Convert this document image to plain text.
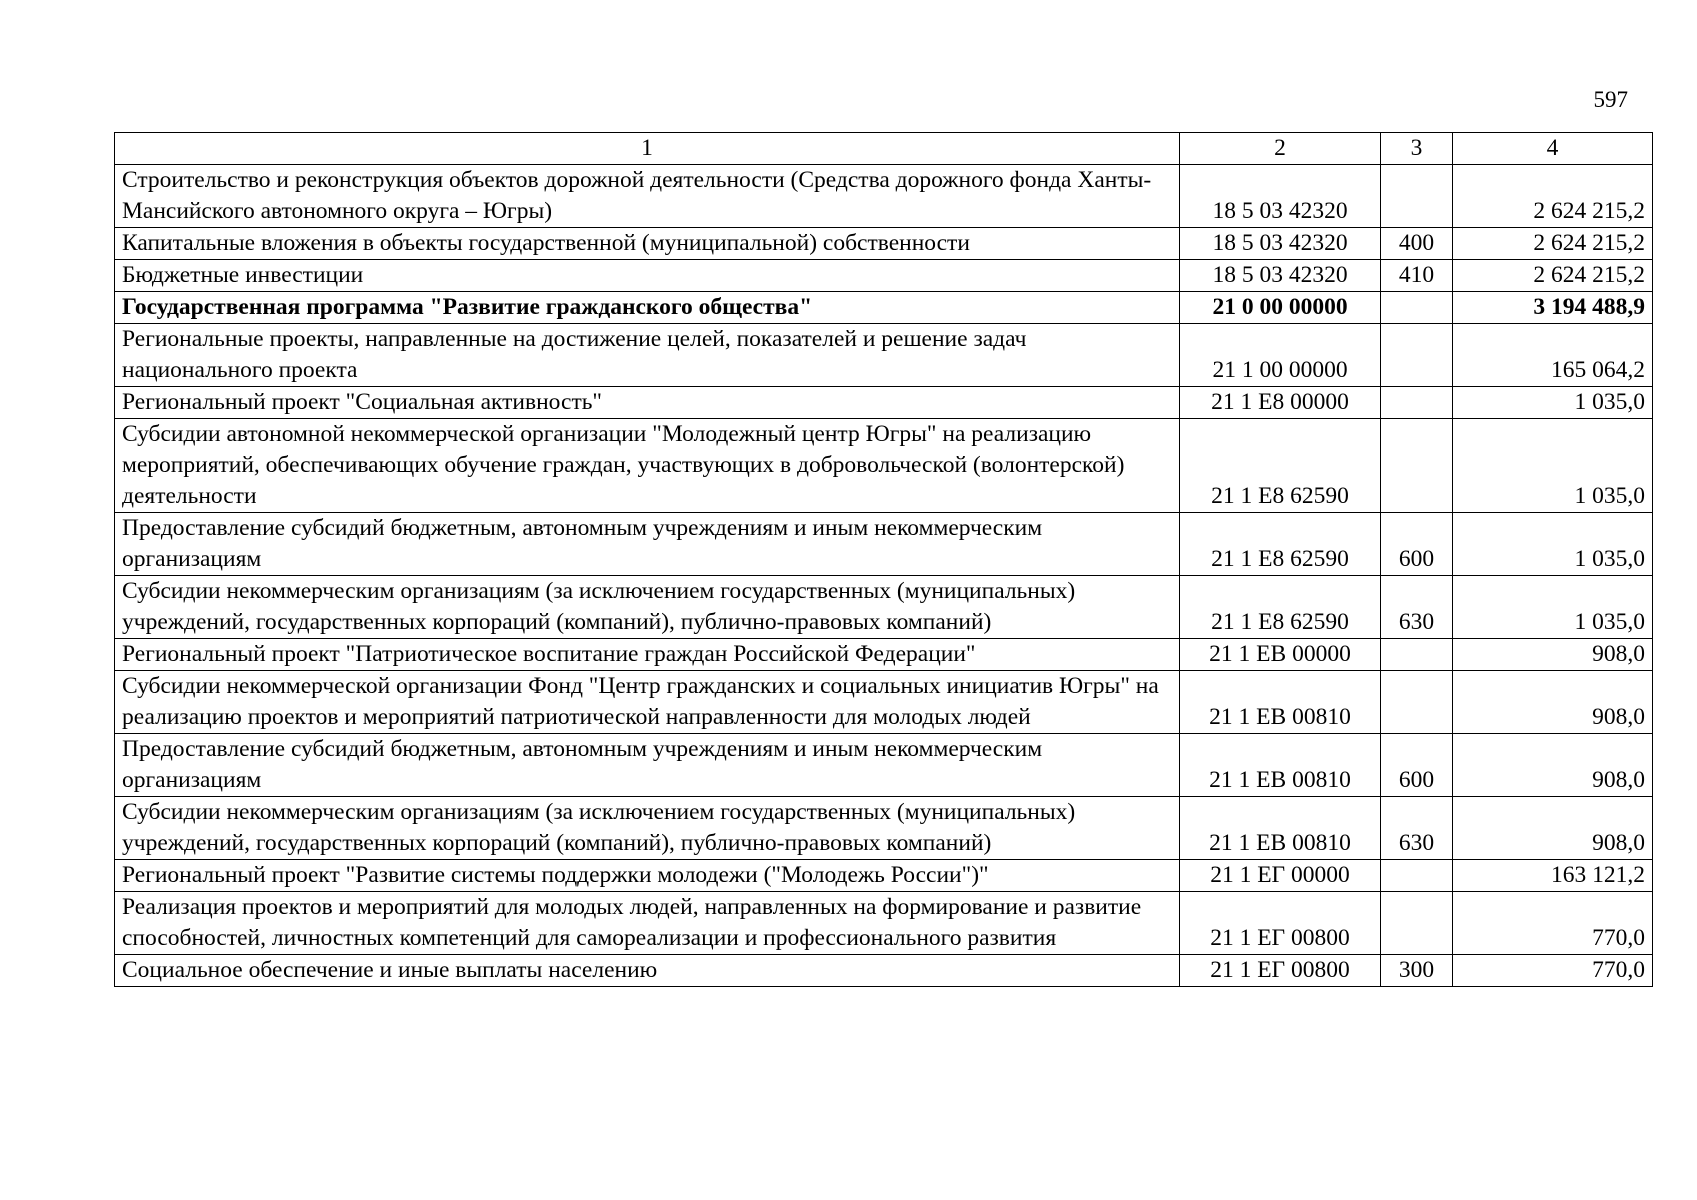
597
1	2	3	4
Строительство и реконструкция объектов дорожной деятельности (Средства дорожного фонда Ханты-Мансийского автономного округа – Югры)	18 5 03 42320		2 624 215,2
Капитальные вложения в объекты государственной (муниципальной) собственности	18 5 03 42320	400	2 624 215,2
Бюджетные инвестиции	18 5 03 42320	410	2 624 215,2
Государственная программа "Развитие гражданского общества"	21 0 00 00000		3 194 488,9
Региональные проекты, направленные на достижение целей, показателей и решение задач национального проекта	21 1 00 00000		165 064,2
Региональный проект "Социальная активность"	21 1 E8 00000		1 035,0
Субсидии автономной некоммерческой организации "Молодежный центр Югры" на реализацию мероприятий, обеспечивающих обучение граждан, участвующих в добровольческой (волонтерской) деятельности	21 1 E8 62590		1 035,0
Предоставление субсидий бюджетным, автономным учреждениям и иным некоммерческим организациям	21 1 E8 62590	600	1 035,0
Субсидии некоммерческим организациям (за исключением государственных (муниципальных) учреждений, государственных корпораций (компаний), публично-правовых компаний)	21 1 E8 62590	630	1 035,0
Региональный проект "Патриотическое воспитание граждан Российской Федерации"	21 1 EВ 00000		908,0
Субсидии некоммерческой организации Фонд "Центр гражданских и социальных инициатив Югры" на реализацию проектов и мероприятий патриотической направленности для молодых людей	21 1 EВ 00810		908,0
Предоставление субсидий бюджетным, автономным учреждениям и иным некоммерческим организациям	21 1 EВ 00810	600	908,0
Субсидии некоммерческим организациям (за исключением государственных (муниципальных) учреждений, государственных корпораций (компаний), публично-правовых компаний)	21 1 EВ 00810	630	908,0
Региональный проект "Развитие системы поддержки молодежи ("Молодежь России")"	21 1 EГ 00000		163 121,2
Реализация проектов и мероприятий для молодых людей, направленных на формирование и развитие способностей, личностных компетенций для самореализации и профессионального развития	21 1 EГ 00800		770,0
Социальное обеспечение и иные выплаты населению	21 1 EГ 00800	300	770,0
